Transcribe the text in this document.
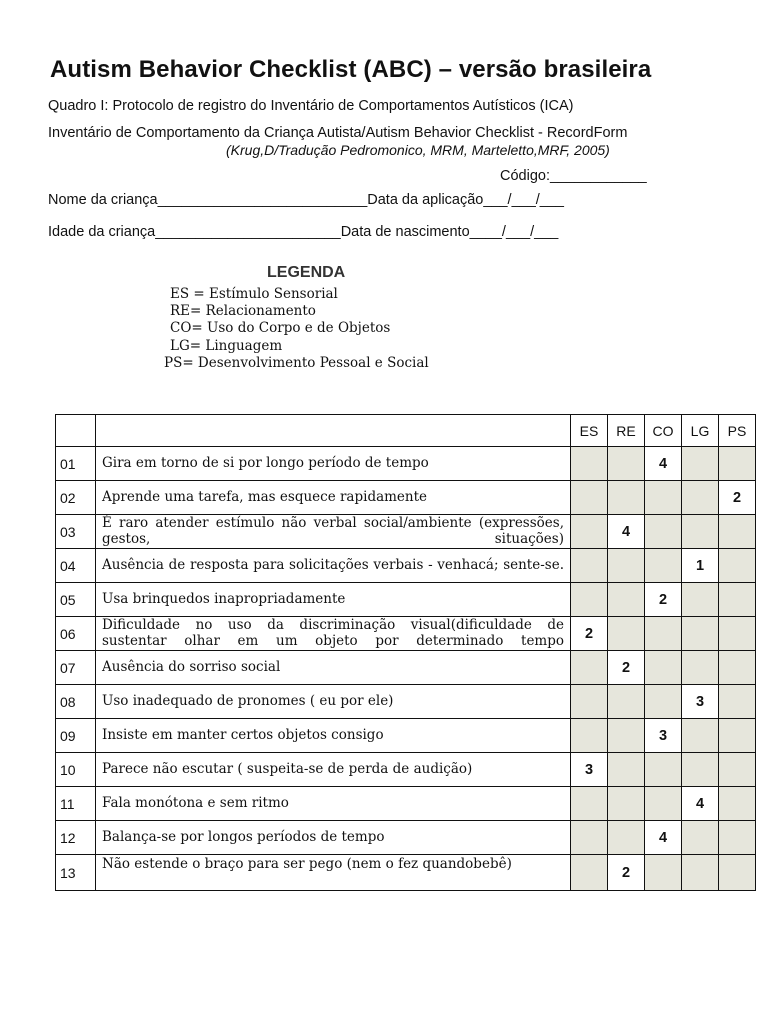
Autism Behavior Checklist (ABC) – versão brasileira
Quadro I: Protocolo de registro do Inventário de Comportamentos Autísticos (ICA)
Inventário de Comportamento da Criança Autista/Autism Behavior Checklist - RecordForm
(Krug,D/Tradução Pedromonico, MRM, Marteletto,MRF, 2005)
Código:____________
Nome da criança__________________________Data da aplicação___/___/___
Idade da criança_______________________Data de nascimento____/___/___
LEGENDA
ES = Estímulo Sensorial
RE= Relacionamento
CO= Uso do Corpo e de Objetos
LG= Linguagem
PS= Desenvolvimento Pessoal e Social
		ES	RE	CO	LG	PS
01	Gira em torno de si por longo período de tempo			4		
02	Aprende uma tarefa, mas esquece rapidamente					2
03	É raro atender estímulo não verbal social/ambiente (expressões, gestos, situações)		4			
04	Ausência de resposta para solicitações verbais - venhacá; sente-se.				1	
05	Usa brinquedos inapropriadamente			2		
06	Dificuldade no uso da discriminação visual(dificuldade de sustentar olhar em um objeto por determinado tempo	2				
07	Ausência do sorriso social		2			
08	Uso inadequado de pronomes ( eu por ele)				3	
09	Insiste em manter certos objetos consigo			3		
10	Parece não escutar ( suspeita-se de perda de audição)	3				
11	Fala monótona e sem ritmo				4	
12	Balança-se por longos períodos de tempo			4		
13	Não estende o braço para ser pego (nem o fez quandobebê)		2			
